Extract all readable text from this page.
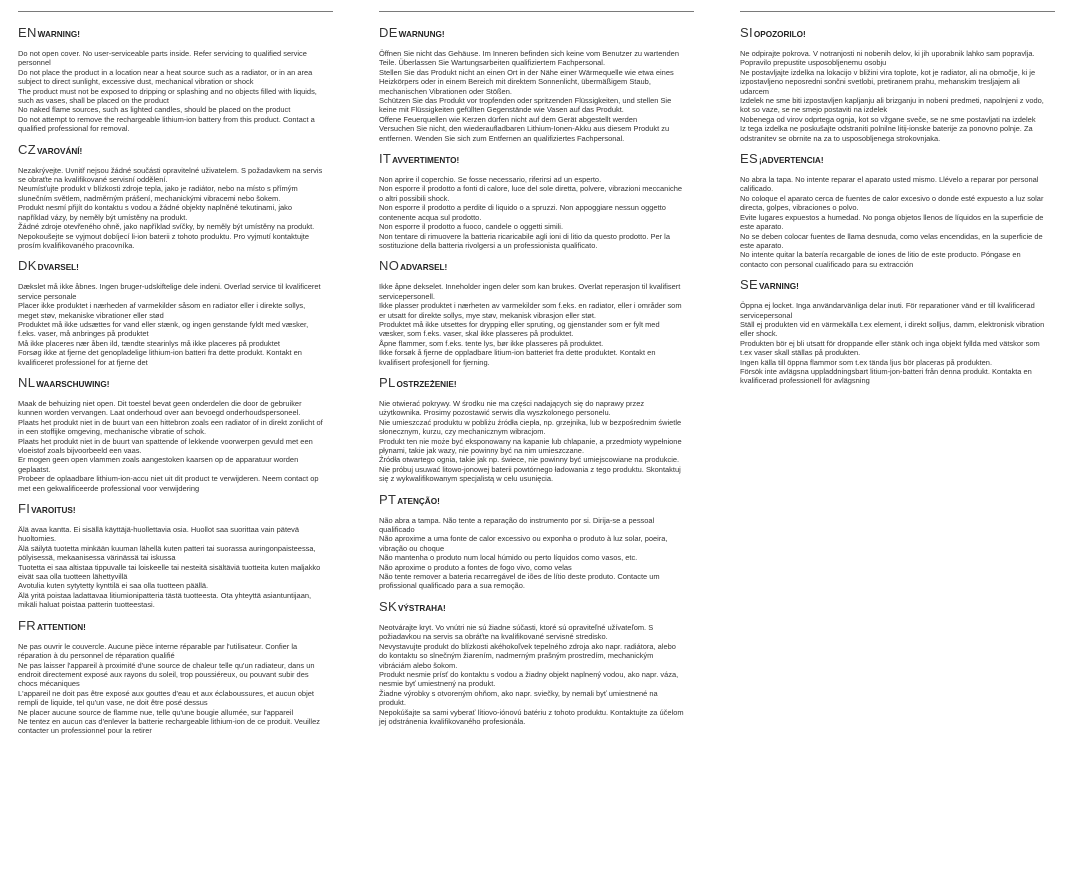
ENWARNING!

Do not open cover. No user-serviceable parts inside. Refer servicing to qualified service personnel

Do not place the product in a location near a heat source such as a radiator, or in an area subject to direct sunlight, excessive dust, mechanical vibration or shock

The product must not be exposed to dripping or splashing and no objects filled with liquids, such as vases, shall be placed on the product

No naked flame sources, such as lighted candles, should be placed on the product

Do not attempt to remove the rechargeable lithium-ion battery from this product. Contact a qualified professional for removal.

CZVAROVÁNÍ!

Nezakrývejte. Uvnitř nejsou žádné součásti opravitelné uživatelem. S požadavkem na servis se obraťte na kvalifikované servisní oddělení.

Neumísťujte produkt v blízkosti zdroje tepla, jako je radiátor, nebo na místo s přímým slunečním světlem, nadměrným prášení, mechanickými vibracemi nebo šokem.

Produkt nesmí přijít do kontaktu s vodou a žádné objekty naplněné tekutinami, jako například vázy, by neměly být umístěny na produkt.

Žádné zdroje otevřeného ohně, jako například svíčky, by neměly být umístěny na produkt.

Nepokoušejte se vyjmout dobíjecí li-ion baterii z tohoto produktu. Pro vyjmutí kontaktujte prosím kvalifikovaného pracovníka.

DKDVARSEL!

Dækslet må ikke åbnes. Ingen bruger-udskiftelige dele indeni. Overlad service til kvalificeret service personale

Placer ikke produktet i nærheden af varmekilder såsom en radiator eller i direkte sollys, meget støv, mekaniske vibrationer eller stød

Produktet må ikke udsættes for vand eller stænk, og ingen genstande fyldt med væsker, f.eks. vaser, må anbringes på produktet

Må ikke placeres nær åben ild, tændte stearinlys må ikke placeres på produktet

Forsøg ikke at fjerne det genopladelige lithium-ion batteri fra dette produkt. Kontakt en kvalificeret professionel for at fjerne det

NLWAARSCHUWING!

Maak de behuizing niet open. Dit toestel bevat geen onderdelen die door de gebruiker kunnen worden vervangen. Laat onderhoud over aan bevoegd onderhoudspersoneel.

Plaats het produkt niet in de buurt van een hittebron zoals een radiator of in direkt zonlicht of in een stoffijke omgeving, mechanische vibratie of schok.

Plaats het produkt niet in de buurt van spattende of lekkende voorwerpen gevuld met een vloeistof zoals bijvoorbeeld een vaas.

Er mogen geen open vlammen zoals aangestoken kaarsen op de apparatuur worden geplaatst.

Probeer de oplaadbare lithium-ion-accu niet uit dit product te verwijderen. Neem contact op met een gekwalificeerde professional voor verwijdering

FIVAROITUS!

Älä avaa kantta. Ei sisällä käyttäjä-huollettavia osia. Huollot saa suorittaa vain pätevä huoltomies.

Älä säilytä tuotetta minkään kuuman lähellä kuten patteri tai suorassa auringonpaisteessa, pölyisessä, mekaanisessa värinässä tai iskussa

Tuotetta ei saa altistaa tippuvalle tai loiskeelle tai nesteitä sisältäviä tuotteita kuten maljakko eivät saa olla tuotteen lähettyvillä

Avotulia kuten sytytetty kynttilä ei saa olla tuotteen päällä.

Älä yritä poistaa ladattavaa litiumionipatteria tästä tuotteesta. Ota yhteyttä asiantuntijaan, mikäli haluat poistaa patterin tuotteestasi.

FRATTENTION!

Ne pas ouvrir le couvercle. Aucune pièce interne réparable par l'utilisateur. Confier la réparation à du personnel de réparation qualifié

Ne pas laisser l'appareil à proximité d'une source de chaleur telle qu'un radiateur, dans un endroit directement exposé aux rayons du soleil, trop poussiéreux, ou pouvant subir des chocs mécaniques

L'appareil ne doit pas être exposé aux gouttes d'eau et aux éclaboussures, et aucun objet rempli de liquide, tel qu'un vase, ne doit être posé dessus

Ne placer aucune source de flamme nue, telle qu'une bougie allumée, sur l'appareil

Ne tentez en aucun cas d'enlever la batterie rechargeable lithium-ion de ce produit. Veuillez contacter un professionnel pour la retirer

DEWARNUNG!

Öffnen Sie nicht das Gehäuse. Im Inneren befinden sich keine vom Benutzer zu wartenden Teile. Überlassen Sie Wartungsarbeiten qualifiziertem Fachpersonal.

Stellen Sie das Produkt nicht an einen Ort in der Nähe einer Wärmequelle wie etwa eines Heizkörpers oder in einem Bereich mit direktem Sonnenlicht, übermäßigem Staub, mechanischen Vibrationen oder Stößen.

Schützen Sie das Produkt vor tropfenden oder spritzenden Flüssigkeiten, und stellen Sie keine mit Flüssigkeiten gefüllten Gegenstände wie Vasen auf das Produkt.

Offene Feuerquellen wie Kerzen dürfen nicht auf dem Gerät abgestellt werden

Versuchen Sie nicht, den wiederaufladbaren Lithium-Ionen-Akku aus diesem Produkt zu entfernen. Wenden Sie sich zum Entfernen an qualifiziertes Fachpersonal.

ITAVVERTIMENTO!

Non aprire il coperchio. Se fosse necessario, riferirsi ad un esperto.

Non esporre il prodotto a fonti di calore, luce del sole diretta, polvere, vibrazioni meccaniche o altri possibili shock.

Non esporre il prodotto a perdite di liquido o a spruzzi. Non appoggiare nessun oggetto contenente acqua sul prodotto.

Non esporre il prodotto a fuoco, candele o oggetti simili.

Non tentare di rimuovere la batteria ricaricabile agli ioni di litio da questo prodotto. Per la sostituzione della batteria rivolgersi a un professionista qualificato.

NOADVARSEL!

Ikke åpne dekselet. Inneholder ingen deler som kan brukes. Overlat reperasjon til kvalifisert servicepersonell.

Ikke plasser produktet i nærheten av varmekilder som f.eks. en radiator, eller i områder som er utsatt for direkte sollys, mye støv, mekanisk vibrasjon eller støt.

Produktet må ikke utsettes for drypping eller spruting, og gjenstander som er fylt med væsker, som f.eks. vaser, skal ikke plasseres på produktet.

Åpne flammer, som f.eks. tente lys, bør ikke plasseres på produktet.

Ikke forsøk å fjerne de oppladbare litium-ion batteriet fra dette produktet. Kontakt en kvalifisert profesjonell for fjerning.

PLOSTRZEŻENIE!

Nie otwierać pokrywy. W środku nie ma części nadających się do naprawy przez użytkownika. Prosimy pozostawić serwis dla wyszkolonego personelu.

Nie umieszczać produktu w pobliżu źródła ciepła, np. grzejnika, lub w bezpośrednim świetle słonecznym, kurzu, czy mechanicznym wibracjom.

Produkt ten nie może być eksponowany na kapanie lub chlapanie, a przedmioty wypełnione płynami, takie jak wazy, nie powinny być na nim umieszczane.

Źródła otwartego ognia, takie jak np. świece, nie powinny być umiejscowiane na produkcie.

Nie próbuj usuwać litowo-jonowej baterii powtórnego ładowania z tego produktu. Skontaktuj się z wykwalifikowanym specjalistą w celu usunięcia.

PTATENÇÃO!

Não abra a tampa. Não tente a reparação do instrumento por si. Dirija-se a pessoal qualificado

Não aproxime a uma fonte de calor excessivo ou exponha o produto à luz solar, poeira, vibração ou choque

Não mantenha o produto num local húmido ou perto líquidos como vasos, etc.

Não aproxime o produto a fontes de fogo vivo, como velas

Não tente remover a bateria recarregável de iões de lítio deste produto. Contacte um profissional qualificado para a sua remoção.

SKVÝSTRAHA!

Neotvárajte kryt. Vo vnútri nie sú žiadne súčasti, ktoré sú opraviteľné užívateľom. S požiadavkou na servis sa obráťte na kvalifikované servisné stredisko.

Nevystavujte produkt do blízkosti akéhokoľvek tepelného zdroja ako napr. radiátora, alebo do kontaktu so slnečným žiarením, nadmerným prašným prostredím, mechanickým vibráciám alebo šokom.

Produkt nesmie prísť do kontaktu s vodou a žiadny objekt naplnený vodou, ako napr. váza, nesmie byť umiestnený na produkt.

Žiadne výrobky s otvoreným ohňom, ako napr. sviečky, by nemali byť umiestnené na produkt.

Nepokúšajte sa sami vyberať lítiovo-iónovú batériu z tohoto produktu. Kontaktujte za účelom jej odstránenia kvalifikovaného profesionála.

SIOPOZORILO!

Ne odpirajte pokrova. V notranjosti ni nobenih delov, ki jih uporabnik lahko sam popravlja. Popravilo prepustite usposobljenemu osobju

Ne postavljajte izdelka na lokacijo v bližini vira toplote, kot je radiator, ali na območje, ki je izpostavljeno neposredni sončni svetlobi, pretiranem prahu, mehanskim tresljajem ali udarcem

Izdelek ne sme biti izpostavljen kapljanju ali brizganju in nobeni predmeti, napolnjeni z vodo, kot so vaze, se ne smejo postaviti na izdelek

Nobenega od virov odprtega ognja, kot so vžgane sveče, se ne sme postavljati na izdelek

Iz tega izdelka ne poskušajte odstraniti polnilne litij-ionske baterije za ponovno polnje. Za odstranitev se obrnite na za to usposobljenega strokovnjaka.

ES¡ADVERTENCIA!

No abra la tapa. No intente reparar el aparato usted mismo. Llévelo a reparar por personal calificado.

No coloque el aparato cerca de fuentes de calor excesivo o donde esté expuesto a luz solar directa, golpes, vibraciones o polvo.

Evite lugares expuestos a humedad. No ponga objetos llenos de líquidos en la superficie de este aparato.

No se deben colocar fuentes de llama desnuda, como velas encendidas, en la superficie de este aparato.

No intente quitar la batería recargable de iones de litio de este producto. Póngase en contacto con personal cualificado para su extracción

SEVARNING!

Öppna ej locket. Inga användarvänliga delar inuti. För reparationer vänd er till kvalificerad servicepersonal

Ställ ej produkten vid en värmekälla t.ex element, i direkt solljus, damm, elektronisk vibration eller shock.

Produkten bör ej bli utsatt för droppande eller stänk och inga objekt fyllda med vätskor som t.ex vaser skall ställas på produkten.

Ingen källa till öppna flammor som t.ex tända ljus bör placeras på produkten.

Försök inte avlägsna uppladdningsbart litium-jon-batteri från denna produkt. Kontakta en kvalificerad professionell för avlägsning
